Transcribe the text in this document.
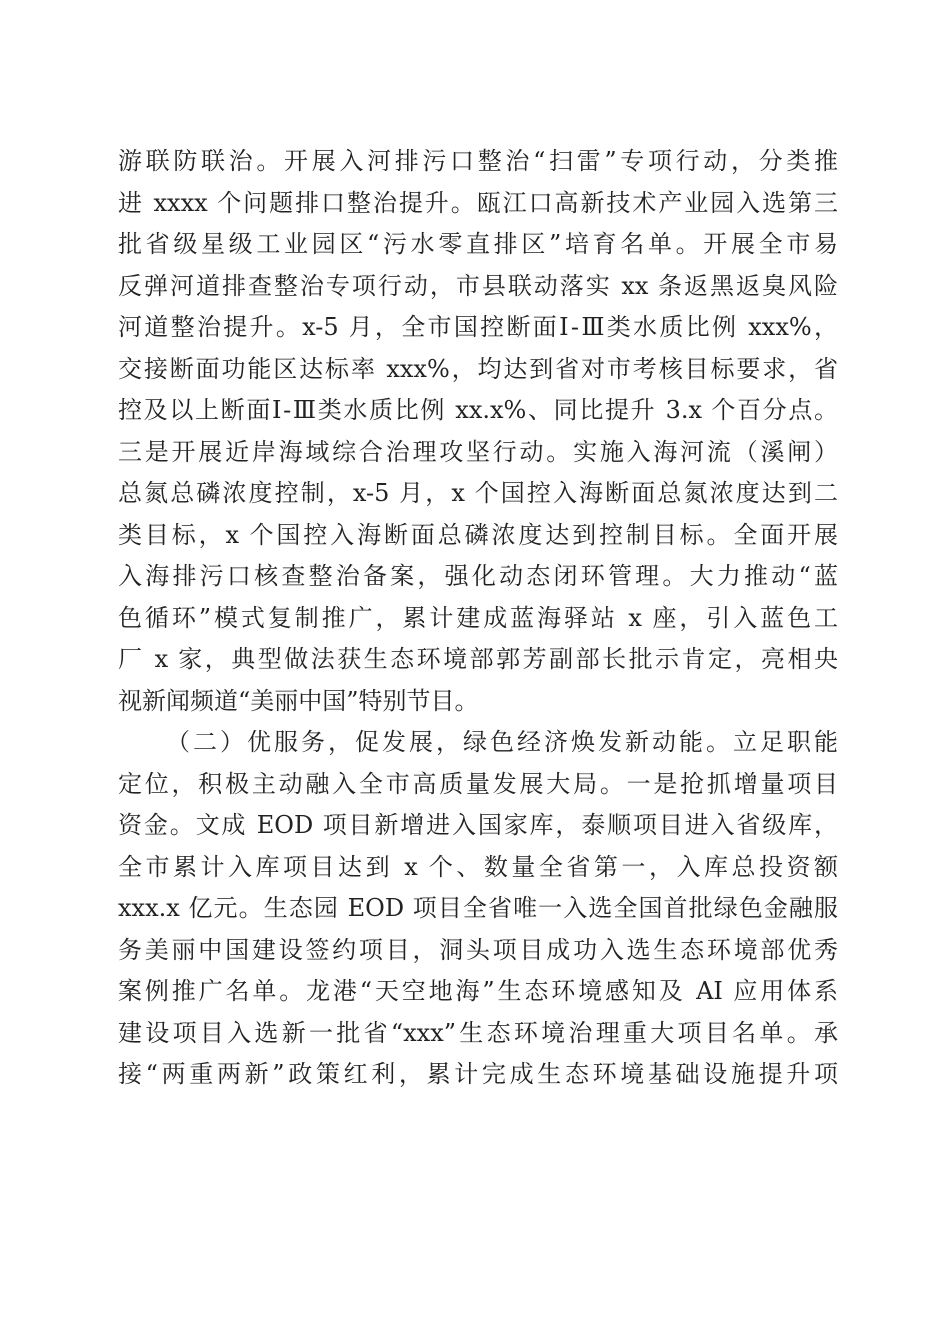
游联防联治。开展入河排污口整治“扫雷”专项行动，分类推
进 xxxx 个问题排口整治提升。瓯江口高新技术产业园入选第三
批省级星级工业园区“污水零直排区”培育名单。开展全市易
反弹河道排查整治专项行动，市县联动落实 xx 条返黑返臭风险
河道整治提升。x-5 月，全市国控断面Ⅰ-Ⅲ类水质比例 xxx%，
交接断面功能区达标率 xxx%，均达到省对市考核目标要求，省
控及以上断面Ⅰ-Ⅲ类水质比例 xx.x%、同比提升 3.x 个百分点。
三是开展近岸海域综合治理攻坚行动。实施入海河流（溪闸）
总氮总磷浓度控制，x-5 月，x 个国控入海断面总氮浓度达到二
类目标，x 个国控入海断面总磷浓度达到控制目标。全面开展
入海排污口核查整治备案，强化动态闭环管理。大力推动“蓝
色循环”模式复制推广，累计建成蓝海驿站 x 座，引入蓝色工
厂 x 家，典型做法获生态环境部郭芳副部长批示肯定，亮相央
视新闻频道“美丽中国”特别节目。
（二）优服务，促发展，绿色经济焕发新动能。立足职能
定位，积极主动融入全市高质量发展大局。一是抢抓增量项目
资金。文成 EOD 项目新增进入国家库，泰顺项目进入省级库，
全市累计入库项目达到 x 个、数量全省第一，入库总投资额
xxx.x 亿元。生态园 EOD 项目全省唯一入选全国首批绿色金融服
务美丽中国建设签约项目，洞头项目成功入选生态环境部优秀
案例推广名单。龙港“天空地海”生态环境感知及 AI 应用体系
建设项目入选新一批省“xxx”生态环境治理重大项目名单。承
接“两重两新”政策红利，累计完成生态环境基础设施提升项
